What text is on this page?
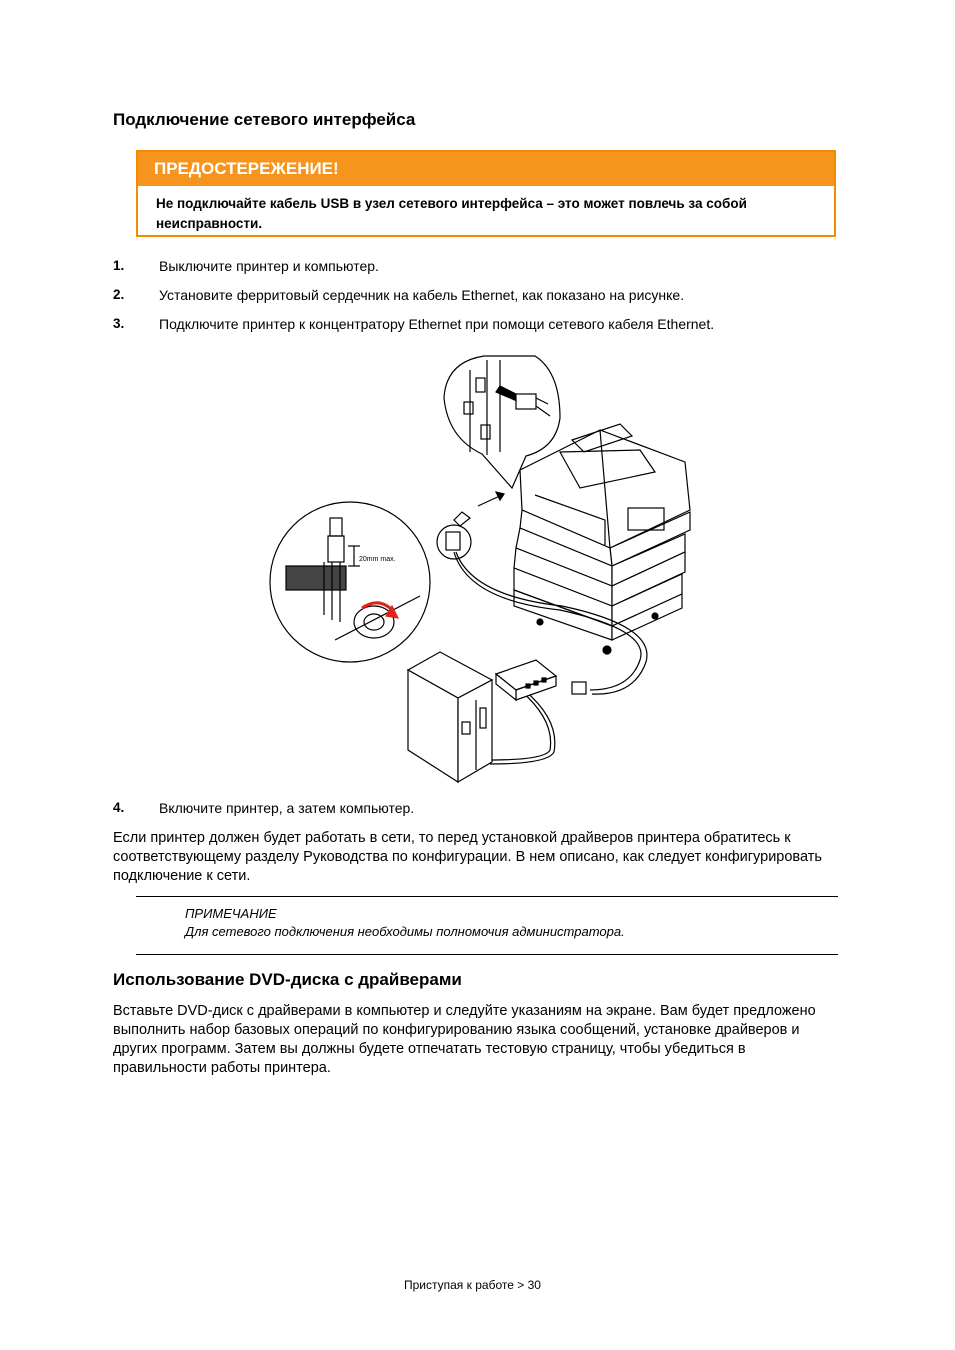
Подключение сетевого интерфейса
ПРЕДОСТЕРЕЖЕНИЕ!
Не подключайте кабель USB в узел сетевого интерфейса – это может повлечь за собой неисправности.
1. Выключите принтер и компьютер.
2. Установите ферритовый сердечник на кабель Ethernet, как показано на рисунке.
3. Подключите принтер к концентратору Ethernet при помощи сетевого кабеля Ethernet.
20mm max.
4. Включите принтер, а затем компьютер.
Если принтер должен будет работать в сети, то перед установкой драйверов принтера обратитесь к соответствующему разделу Руководства по конфигурации. В нем описано, как следует конфигурировать подключение к сети.
ПРИМЕЧАНИЕ
Для сетевого подключения необходимы полномочия администратора.
Использование DVD-диска с драйверами
Вставьте DVD-диск с драйверами в компьютер и следуйте указаниям на экране. Вам будет предложено выполнить набор базовых операций по конфигурированию языка сообщений, установке драйверов и других программ. Затем вы должны будете отпечатать тестовую страницу, чтобы убедиться в правильности работы принтера.
Приступая к работе > 30
